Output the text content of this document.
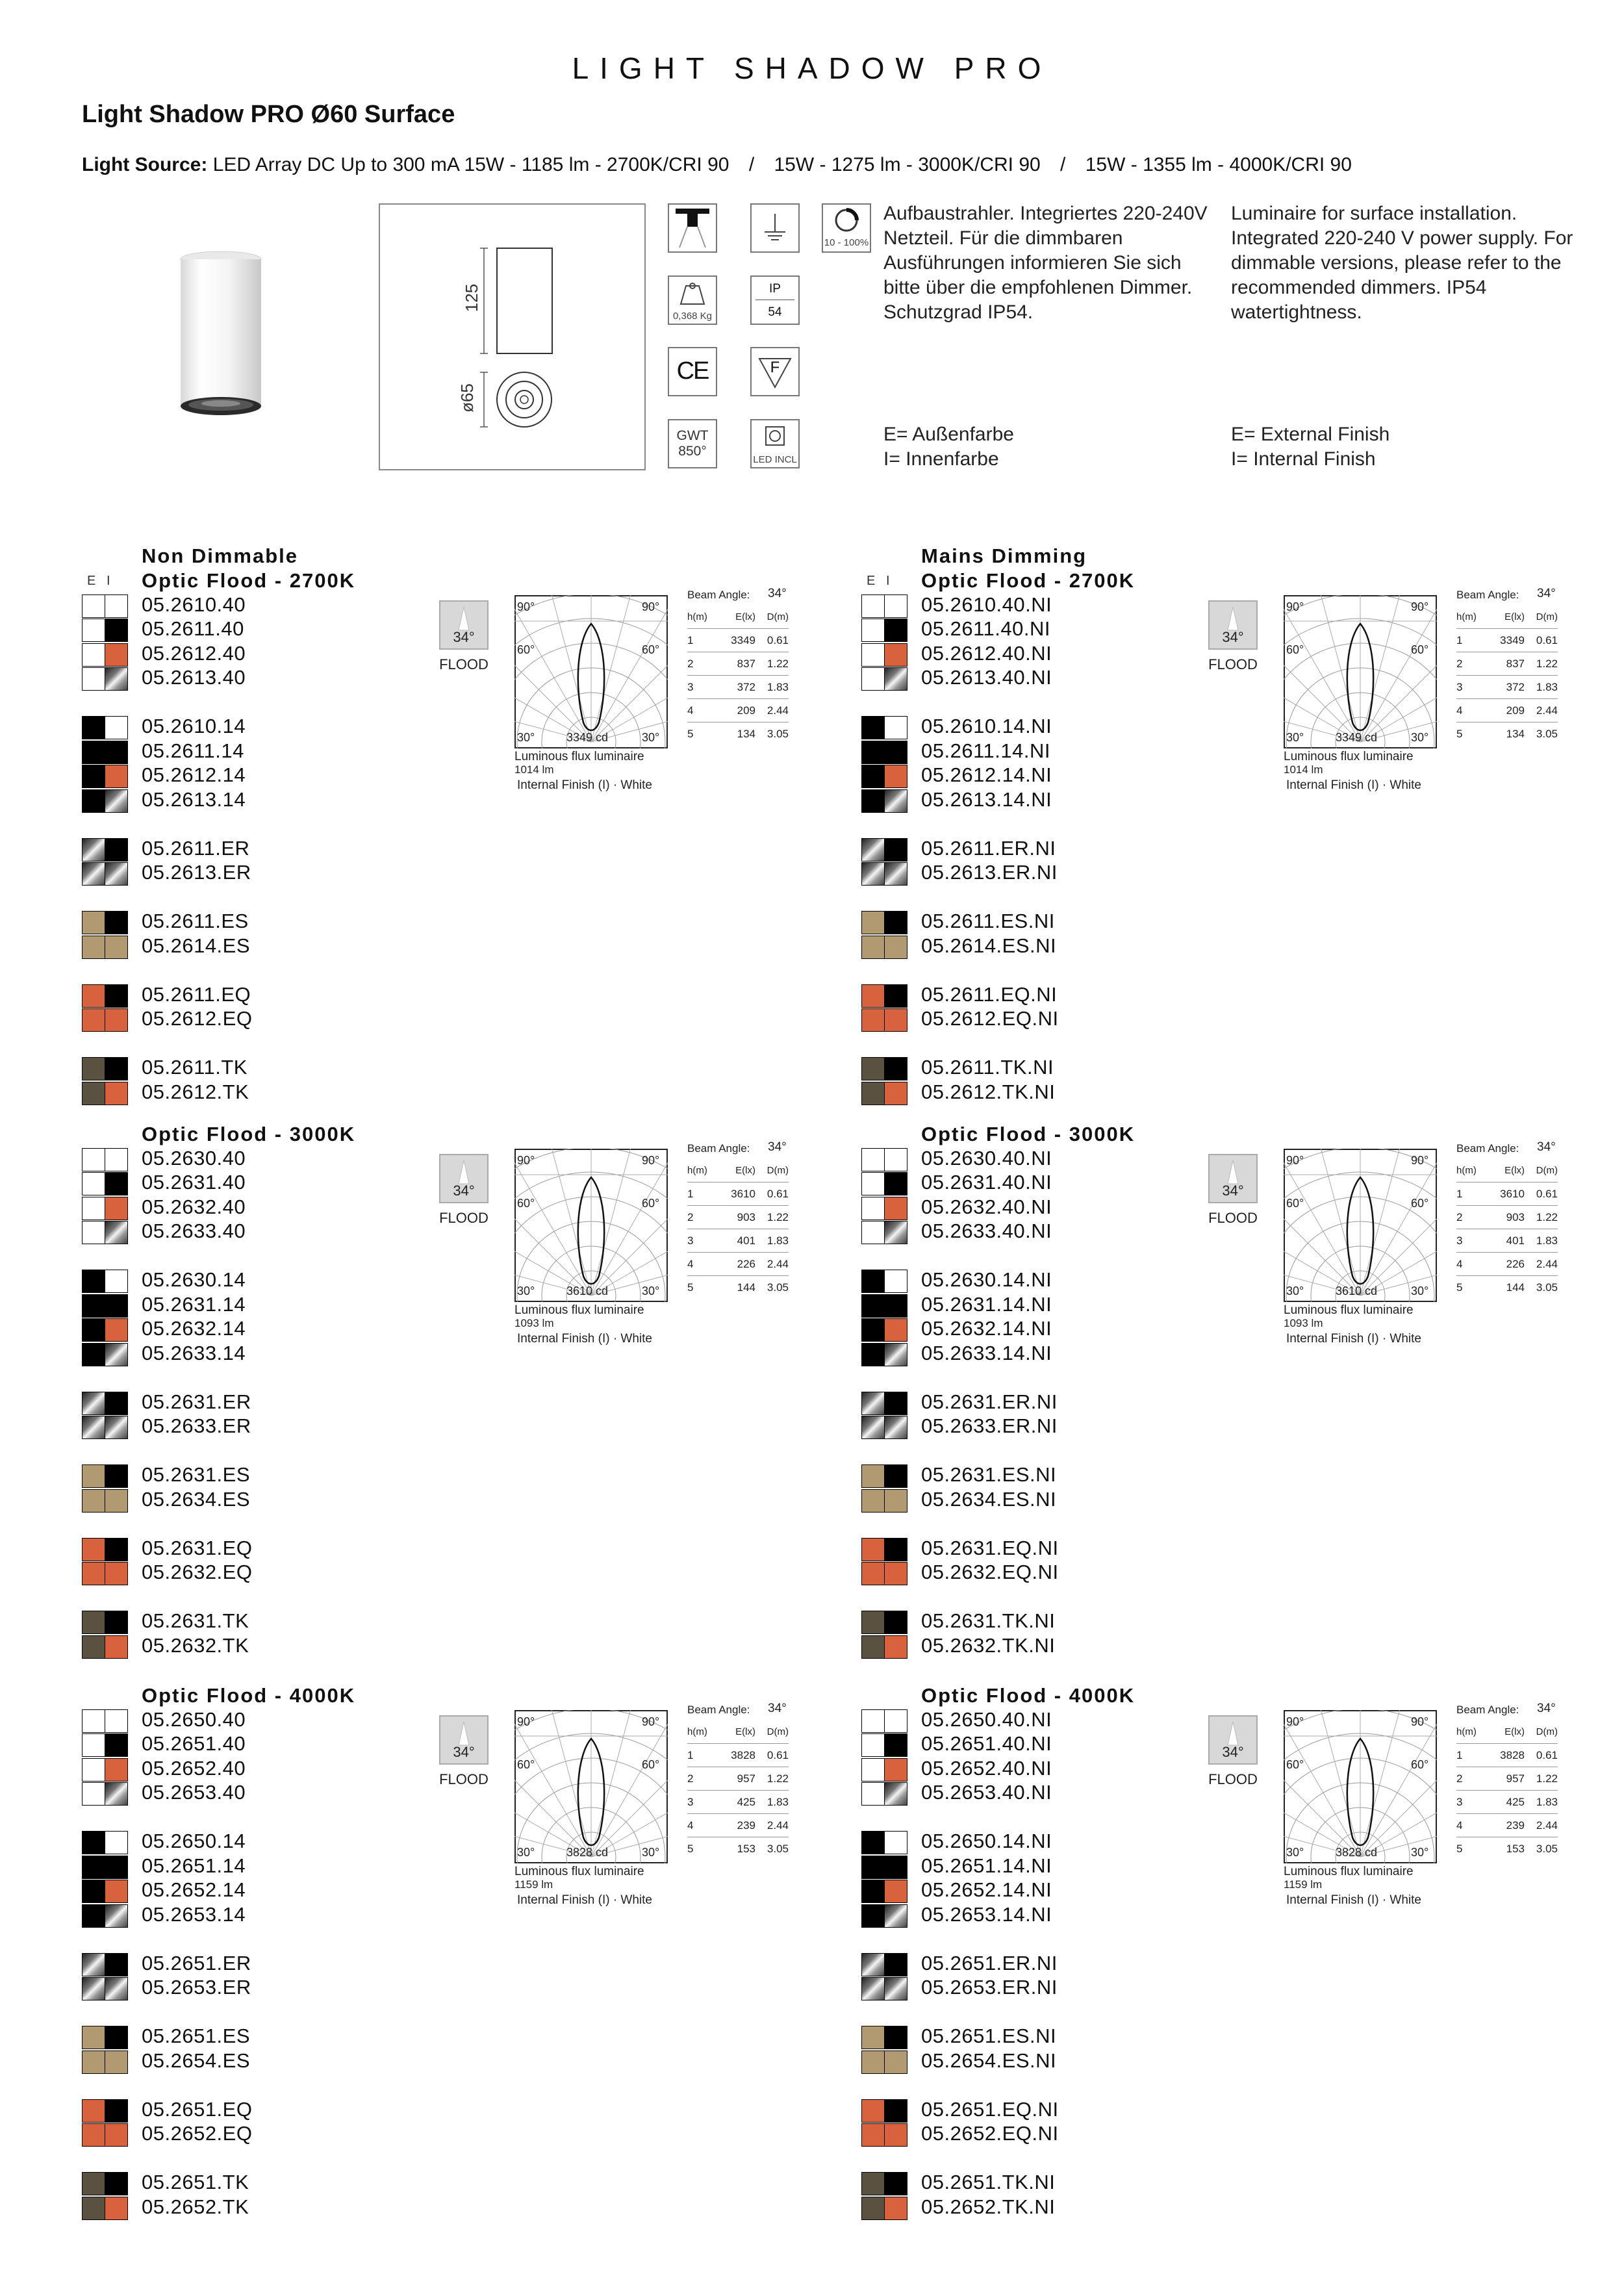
LIGHT SHADOW PRO
Light Shadow PRO Ø60 Surface
Light Source: LED Array DC Up to 300 mA 15W - 1185 lm - 2700K/CRI 90 / 15W - 1275 lm - 3000K/CRI 90 / 15W - 1355 lm - 4000K/CRI 90
125
ø65
10 - 100%
0,368 Kg
IP
54
CE	F
GWT
850°
LED INCL
Aufbaustrahler. Integriertes 220-240V Netzteil. Für die dimmbaren Ausführungen informieren Sie sich bitte über die empfohlenen Dimmer. Schutzgrad IP54.
Luminaire for surface installation. Integrated 220-240 V power supply. For dimmable versions, please refer to the recommended dimmers. IP54 watertightness.
E= Außenfarbe
I= Innenfarbe
E= External Finish
I= Internal Finish
Non Dimmable
E   I Optic Flood - 2700K
05.2610.40
05.2611.40
05.2612.40
05.2613.40
05.2610.14
05.2611.14
05.2612.14
05.2613.14
05.2611.ER
05.2613.ER
05.2611.ES
05.2614.ES
05.2611.EQ
05.2612.EQ
05.2611.TK
05.2612.TK
34°
FLOOD
90°	90°
60°	60°
30°	30°
3349 cd
Luminous flux luminaire
1014 lm
Internal Finish (I) · White
Beam Angle: 34°
h(m)	E(lx)	D(m)
1	3349	0.61
2	837	1.22
3	372	1.83
4	209	2.44
5	134	3.05
Optic Flood - 3000K
05.2630.40
05.2631.40
05.2632.40
05.2633.40
05.2630.14
05.2631.14
05.2632.14
05.2633.14
05.2631.ER
05.2633.ER
05.2631.ES
05.2634.ES
05.2631.EQ
05.2632.EQ
05.2631.TK
05.2632.TK
34°
FLOOD
90°	90°
60°	60°
30°	30°
3610 cd
Luminous flux luminaire
1093 lm
Internal Finish (I) · White
Beam Angle: 34°
h(m)	E(lx)	D(m)
1	3610	0.61
2	903	1.22
3	401	1.83
4	226	2.44
5	144	3.05
Optic Flood - 4000K
05.2650.40
05.2651.40
05.2652.40
05.2653.40
05.2650.14
05.2651.14
05.2652.14
05.2653.14
05.2651.ER
05.2653.ER
05.2651.ES
05.2654.ES
05.2651.EQ
05.2652.EQ
05.2651.TK
05.2652.TK
34°
FLOOD
90°	90°
60°	60°
30°	30°
3828 cd
Luminous flux luminaire
1159 lm
Internal Finish (I) · White
Beam Angle: 34°
h(m)	E(lx)	D(m)
1	3828	0.61
2	957	1.22
3	425	1.83
4	239	2.44
5	153	3.05
Mains Dimming
E   I Optic Flood - 2700K
05.2610.40.NI
05.2611.40.NI
05.2612.40.NI
05.2613.40.NI
05.2610.14.NI
05.2611.14.NI
05.2612.14.NI
05.2613.14.NI
05.2611.ER.NI
05.2613.ER.NI
05.2611.ES.NI
05.2614.ES.NI
05.2611.EQ.NI
05.2612.EQ.NI
05.2611.TK.NI
05.2612.TK.NI
34°
FLOOD
90°	90°
60°	60°
30°	30°
3349 cd
Luminous flux luminaire
1014 lm
Internal Finish (I) · White
Beam Angle: 34°
h(m)	E(lx)	D(m)
1	3349	0.61
2	837	1.22
3	372	1.83
4	209	2.44
5	134	3.05
Optic Flood - 3000K
05.2630.40.NI
05.2631.40.NI
05.2632.40.NI
05.2633.40.NI
05.2630.14.NI
05.2631.14.NI
05.2632.14.NI
05.2633.14.NI
05.2631.ER.NI
05.2633.ER.NI
05.2631.ES.NI
05.2634.ES.NI
05.2631.EQ.NI
05.2632.EQ.NI
05.2631.TK.NI
05.2632.TK.NI
34°
FLOOD
90°	90°
60°	60°
30°	30°
3610 cd
Luminous flux luminaire
1093 lm
Internal Finish (I) · White
Beam Angle: 34°
h(m)	E(lx)	D(m)
1	3610	0.61
2	903	1.22
3	401	1.83
4	226	2.44
5	144	3.05
Optic Flood - 4000K
05.2650.40.NI
05.2651.40.NI
05.2652.40.NI
05.2653.40.NI
05.2650.14.NI
05.2651.14.NI
05.2652.14.NI
05.2653.14.NI
05.2651.ER.NI
05.2653.ER.NI
05.2651.ES.NI
05.2654.ES.NI
05.2651.EQ.NI
05.2652.EQ.NI
05.2651.TK.NI
05.2652.TK.NI
34°
FLOOD
90°	90°
60°	60°
30°	30°
3828 cd
Luminous flux luminaire
1159 lm
Internal Finish (I) · White
Beam Angle: 34°
h(m)	E(lx)	D(m)
1	3828	0.61
2	957	1.22
3	425	1.83
4	239	2.44
5	153	3.05
